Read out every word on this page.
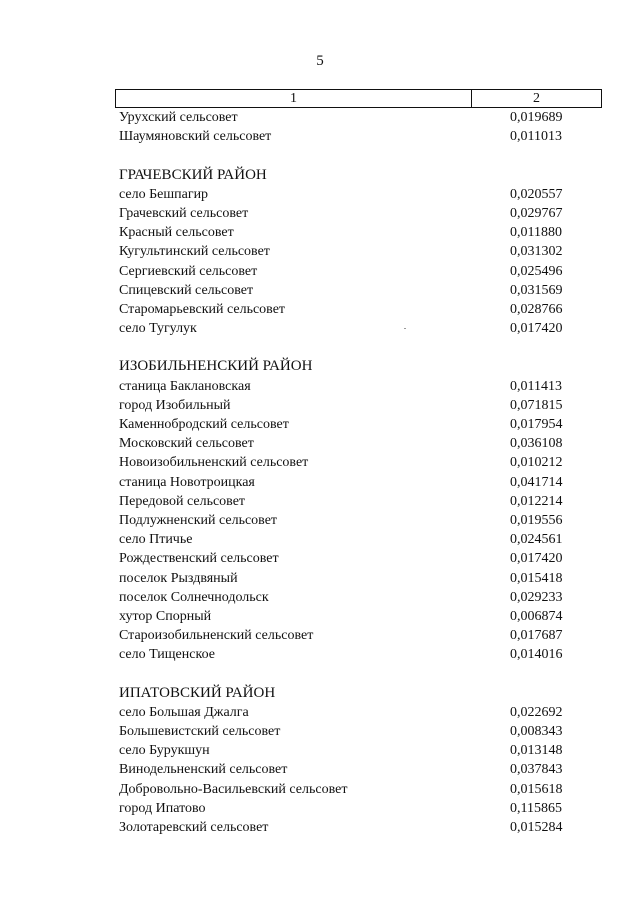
5
1	2
Урухский сельсовет	0,019689
Шаумяновский сельсовет	0,011013
ГРАЧЕВСКИЙ РАЙОН
село Бешпагир	0,020557
Грачевский сельсовет	0,029767
Красный сельсовет	0,011880
Кугультинский сельсовет	0,031302
Сергиевский сельсовет	0,025496
Спицевский сельсовет	0,031569
Старомарьевский сельсовет	0,028766
село Тугулук	0,017420
ИЗОБИЛЬНЕНСКИЙ РАЙОН
станица Баклановская	0,011413
город Изобильный	0,071815
Каменнобродский сельсовет	0,017954
Московский сельсовет	0,036108
Новоизобильненский сельсовет	0,010212
станица Новотроицкая	0,041714
Передовой сельсовет	0,012214
Подлужненский сельсовет	0,019556
село Птичье	0,024561
Рождественский сельсовет	0,017420
поселок Рыздвяный	0,015418
поселок Солнечнодольск	0,029233
хутор Спорный	0,006874
Староизобильненский сельсовет	0,017687
село Тищенское	0,014016
ИПАТОВСКИЙ РАЙОН
село Большая Джалга	0,022692
Большевистский сельсовет	0,008343
село Бурукшун	0,013148
Винодельненский сельсовет	0,037843
Добровольно-Васильевский сельсовет	0,015618
город Ипатово	0,115865
Золотаревский сельсовет	0,015284
